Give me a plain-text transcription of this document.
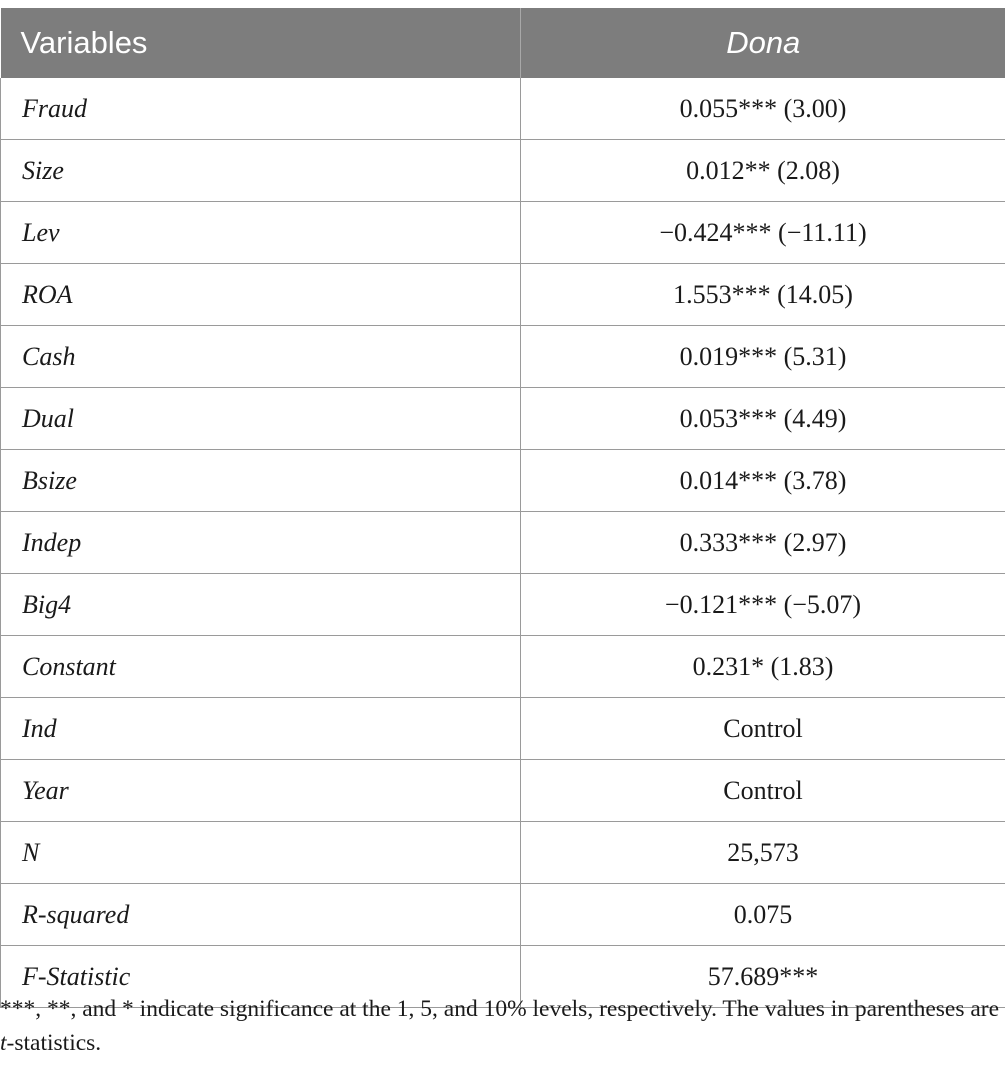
Variables	Dona
Fraud	0.055*** (3.00)
Size	0.012** (2.08)
Lev	−0.424*** (−11.11)
ROA	1.553*** (14.05)
Cash	0.019*** (5.31)
Dual	0.053*** (4.49)
Bsize	0.014*** (3.78)
Indep	0.333*** (2.97)
Big4	−0.121*** (−5.07)
Constant	0.231* (1.83)
Ind	Control
Year	Control
N	25,573
R-squared	0.075
F-Statistic	57.689***
***, **, and * indicate significance at the 1, 5, and 10% levels, respectively. The values in parentheses are t-statistics.
